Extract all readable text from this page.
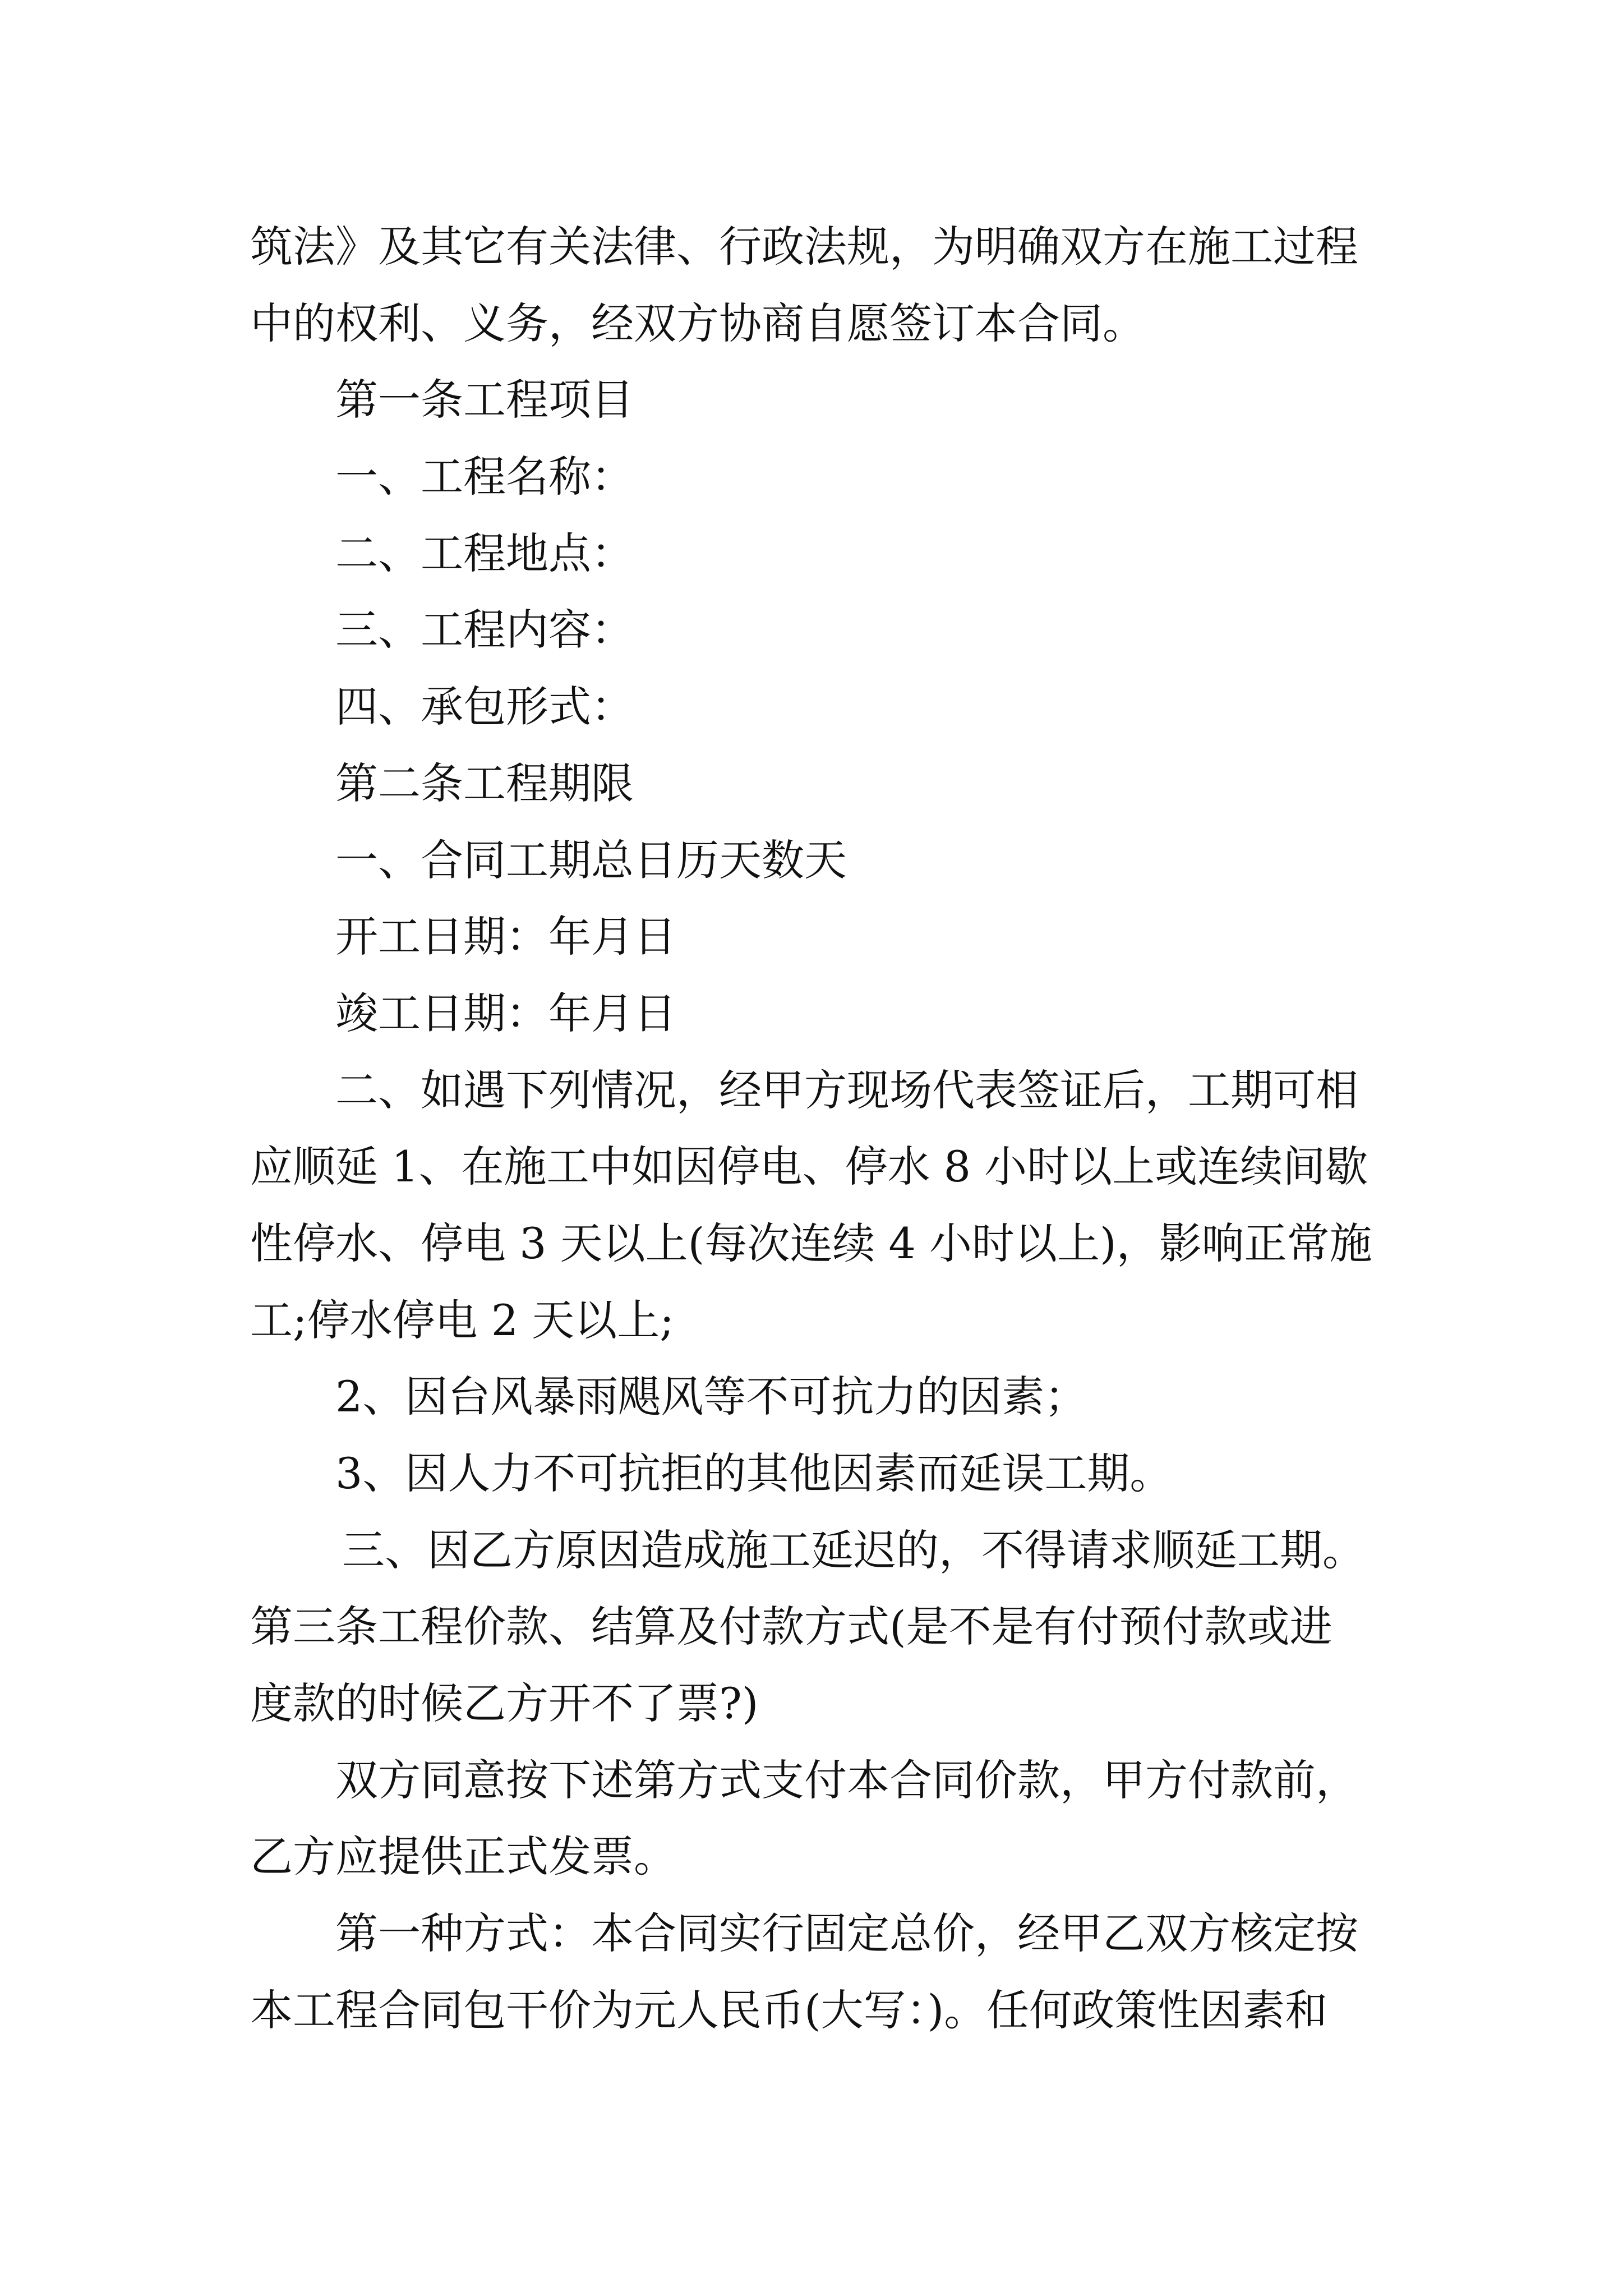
筑法》及其它有关法律、行政法规，为明确双方在施工过程
中的权利、义务，经双方协商自愿签订本合同。
第一条工程项目
一、工程名称：
二、工程地点：
三、工程内容：
四、承包形式：
第二条工程期限
一、合同工期总日历天数天
开工日期：年月日
竣工日期：年月日
二、如遇下列情况，经甲方现场代表签证后，工期可相
应顺延 1、在施工中如因停电、停水 8 小时以上或连续间歇
性停水、停电 3 天以上(每次连续 4 小时以上)，影响正常施
工;停水停电 2 天以上;
2、因台风暴雨飓风等不可抗力的因素；
3、因人力不可抗拒的其他因素而延误工期。
三、因乙方原因造成施工延迟的，不得请求顺延工期。
第三条工程价款、结算及付款方式(是不是有付预付款或进
度款的时候乙方开不了票?)
双方同意按下述第方式支付本合同价款，甲方付款前，
乙方应提供正式发票。
第一种方式：本合同实行固定总价，经甲乙双方核定按
本工程合同包干价为元人民币(大写：)。任何政策性因素和
